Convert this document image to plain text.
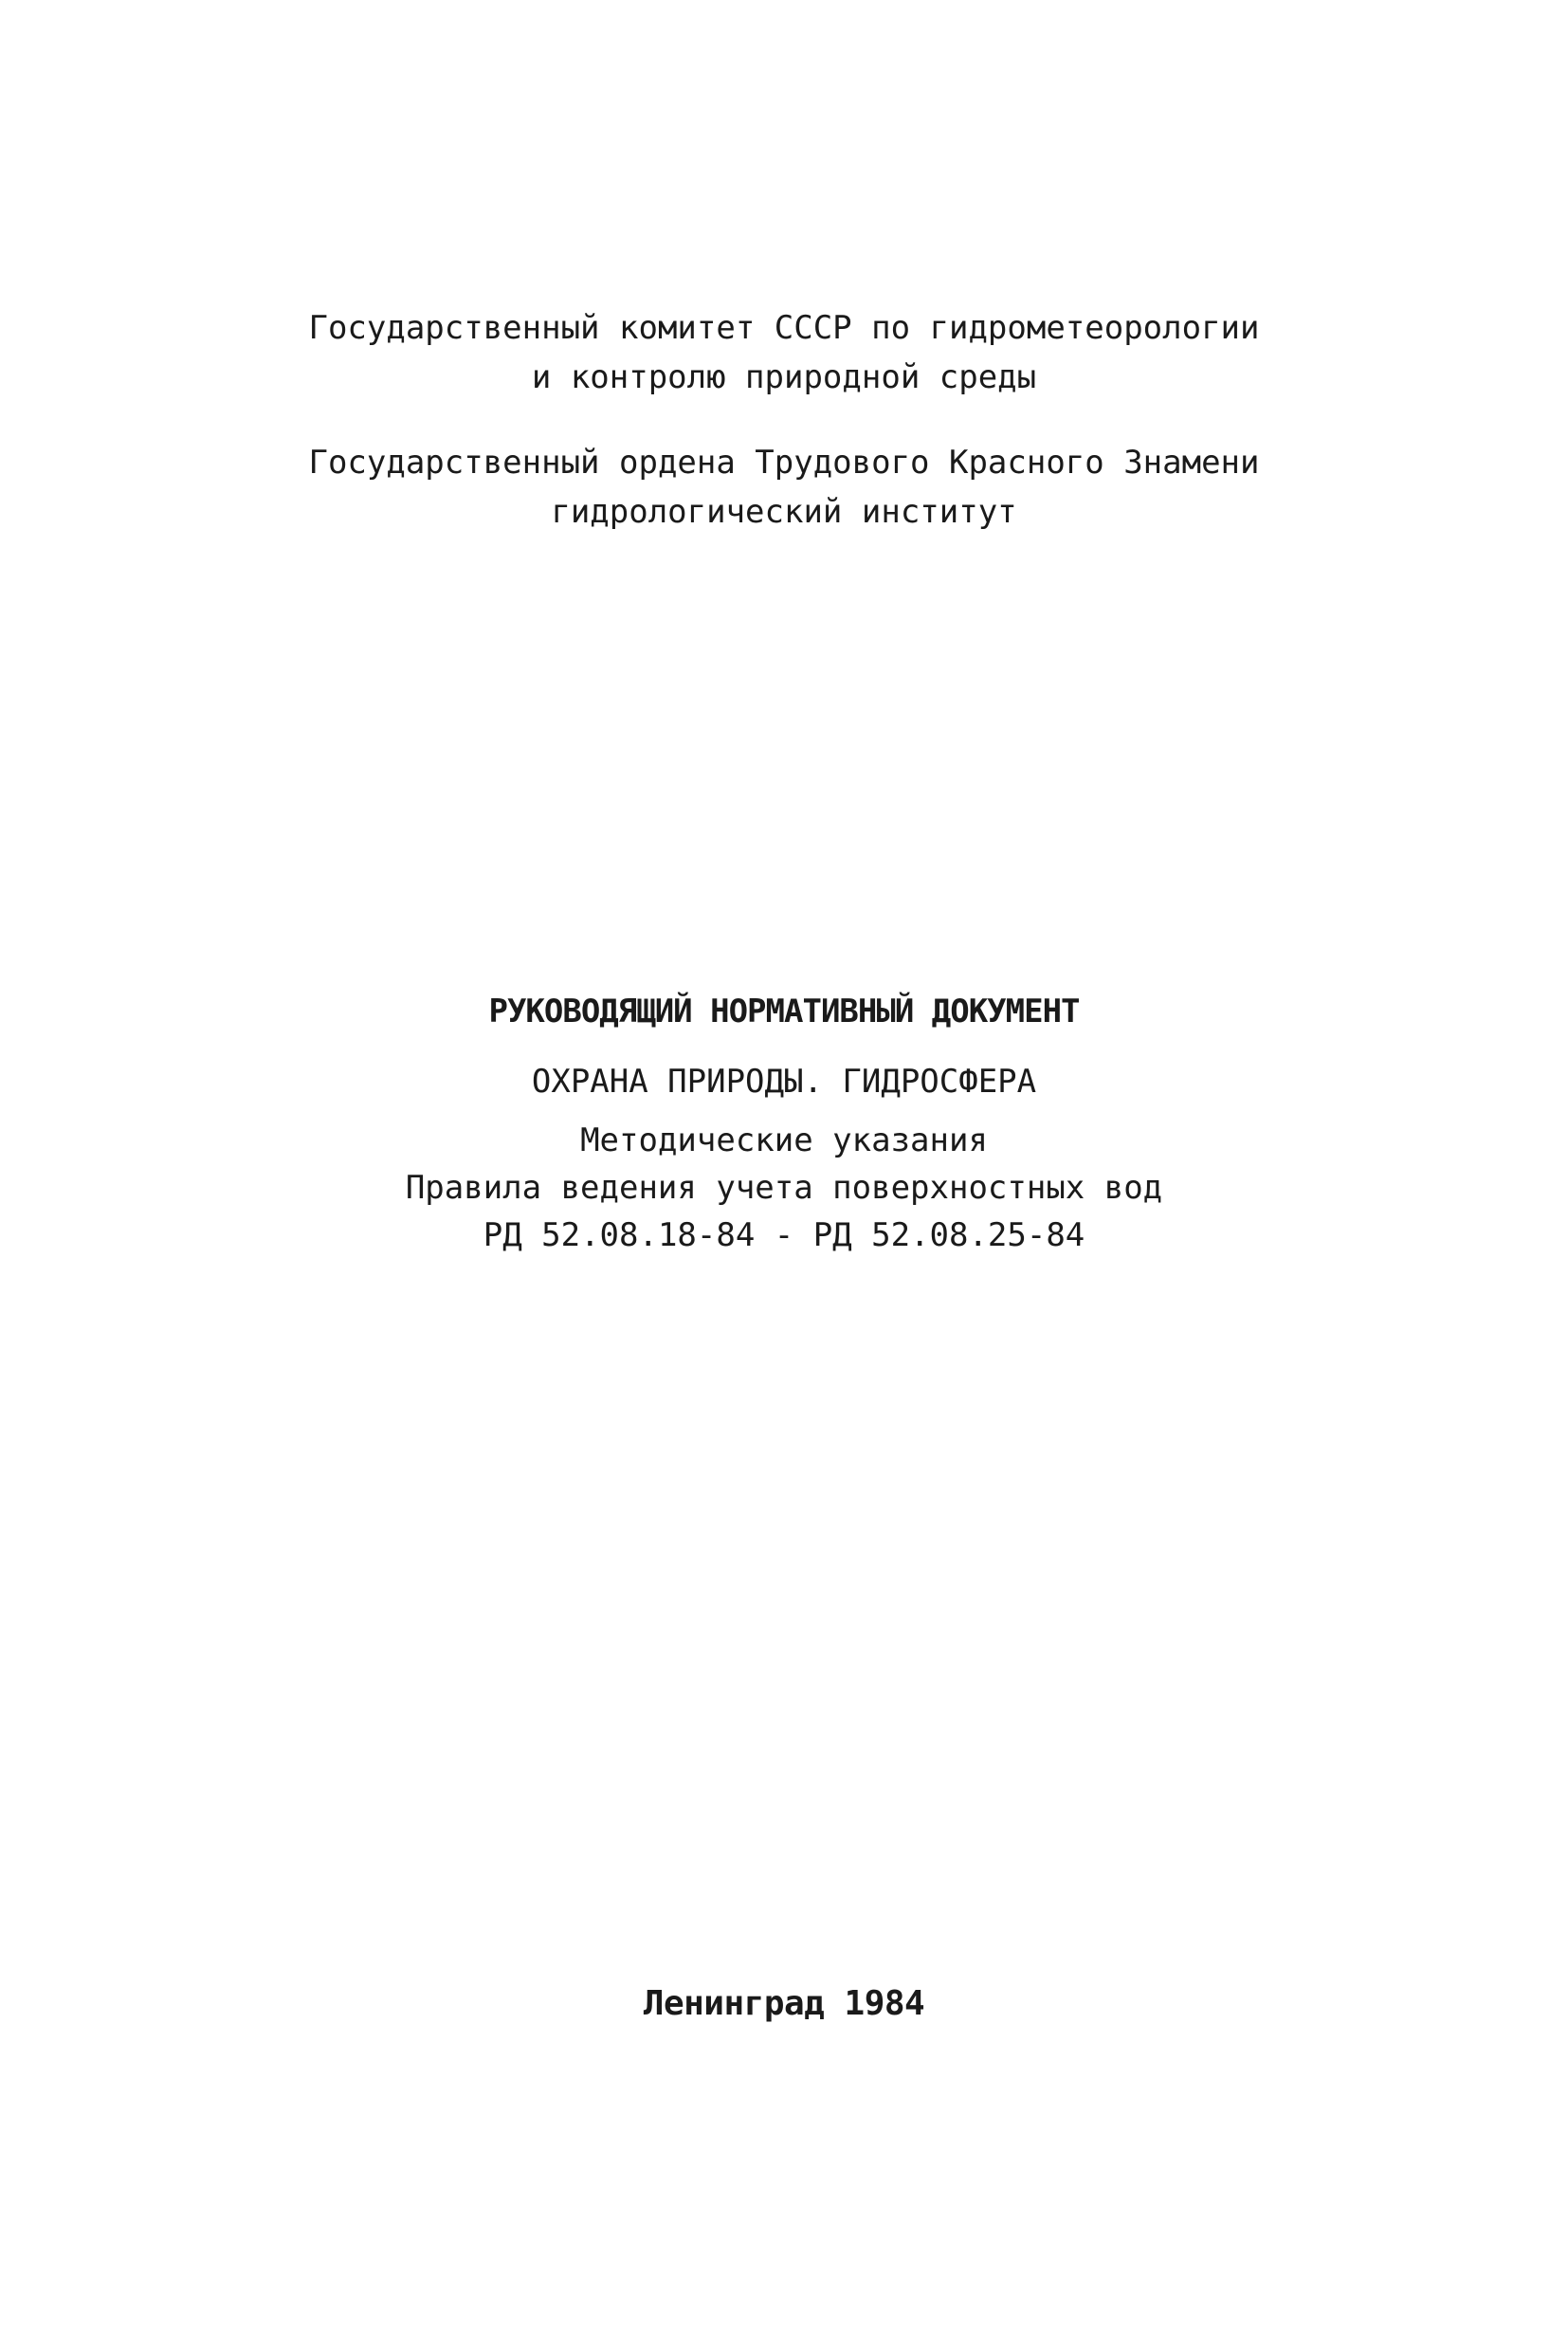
Государственный комитет СССР по гидрометеорологии
и контролю природной среды
Государственный ордена Трудового Красного Знамени
гидрологический институт
РУКОВОДЯЩИЙ НОРМАТИВНЫЙ ДОКУМЕНТ
ОХРАНА ПРИРОДЫ. ГИДРОСФЕРА
Методические указания
Правила ведения учета поверхностных вод
РД 52.08.18-84 - РД 52.08.25-84
Ленинград 1984
